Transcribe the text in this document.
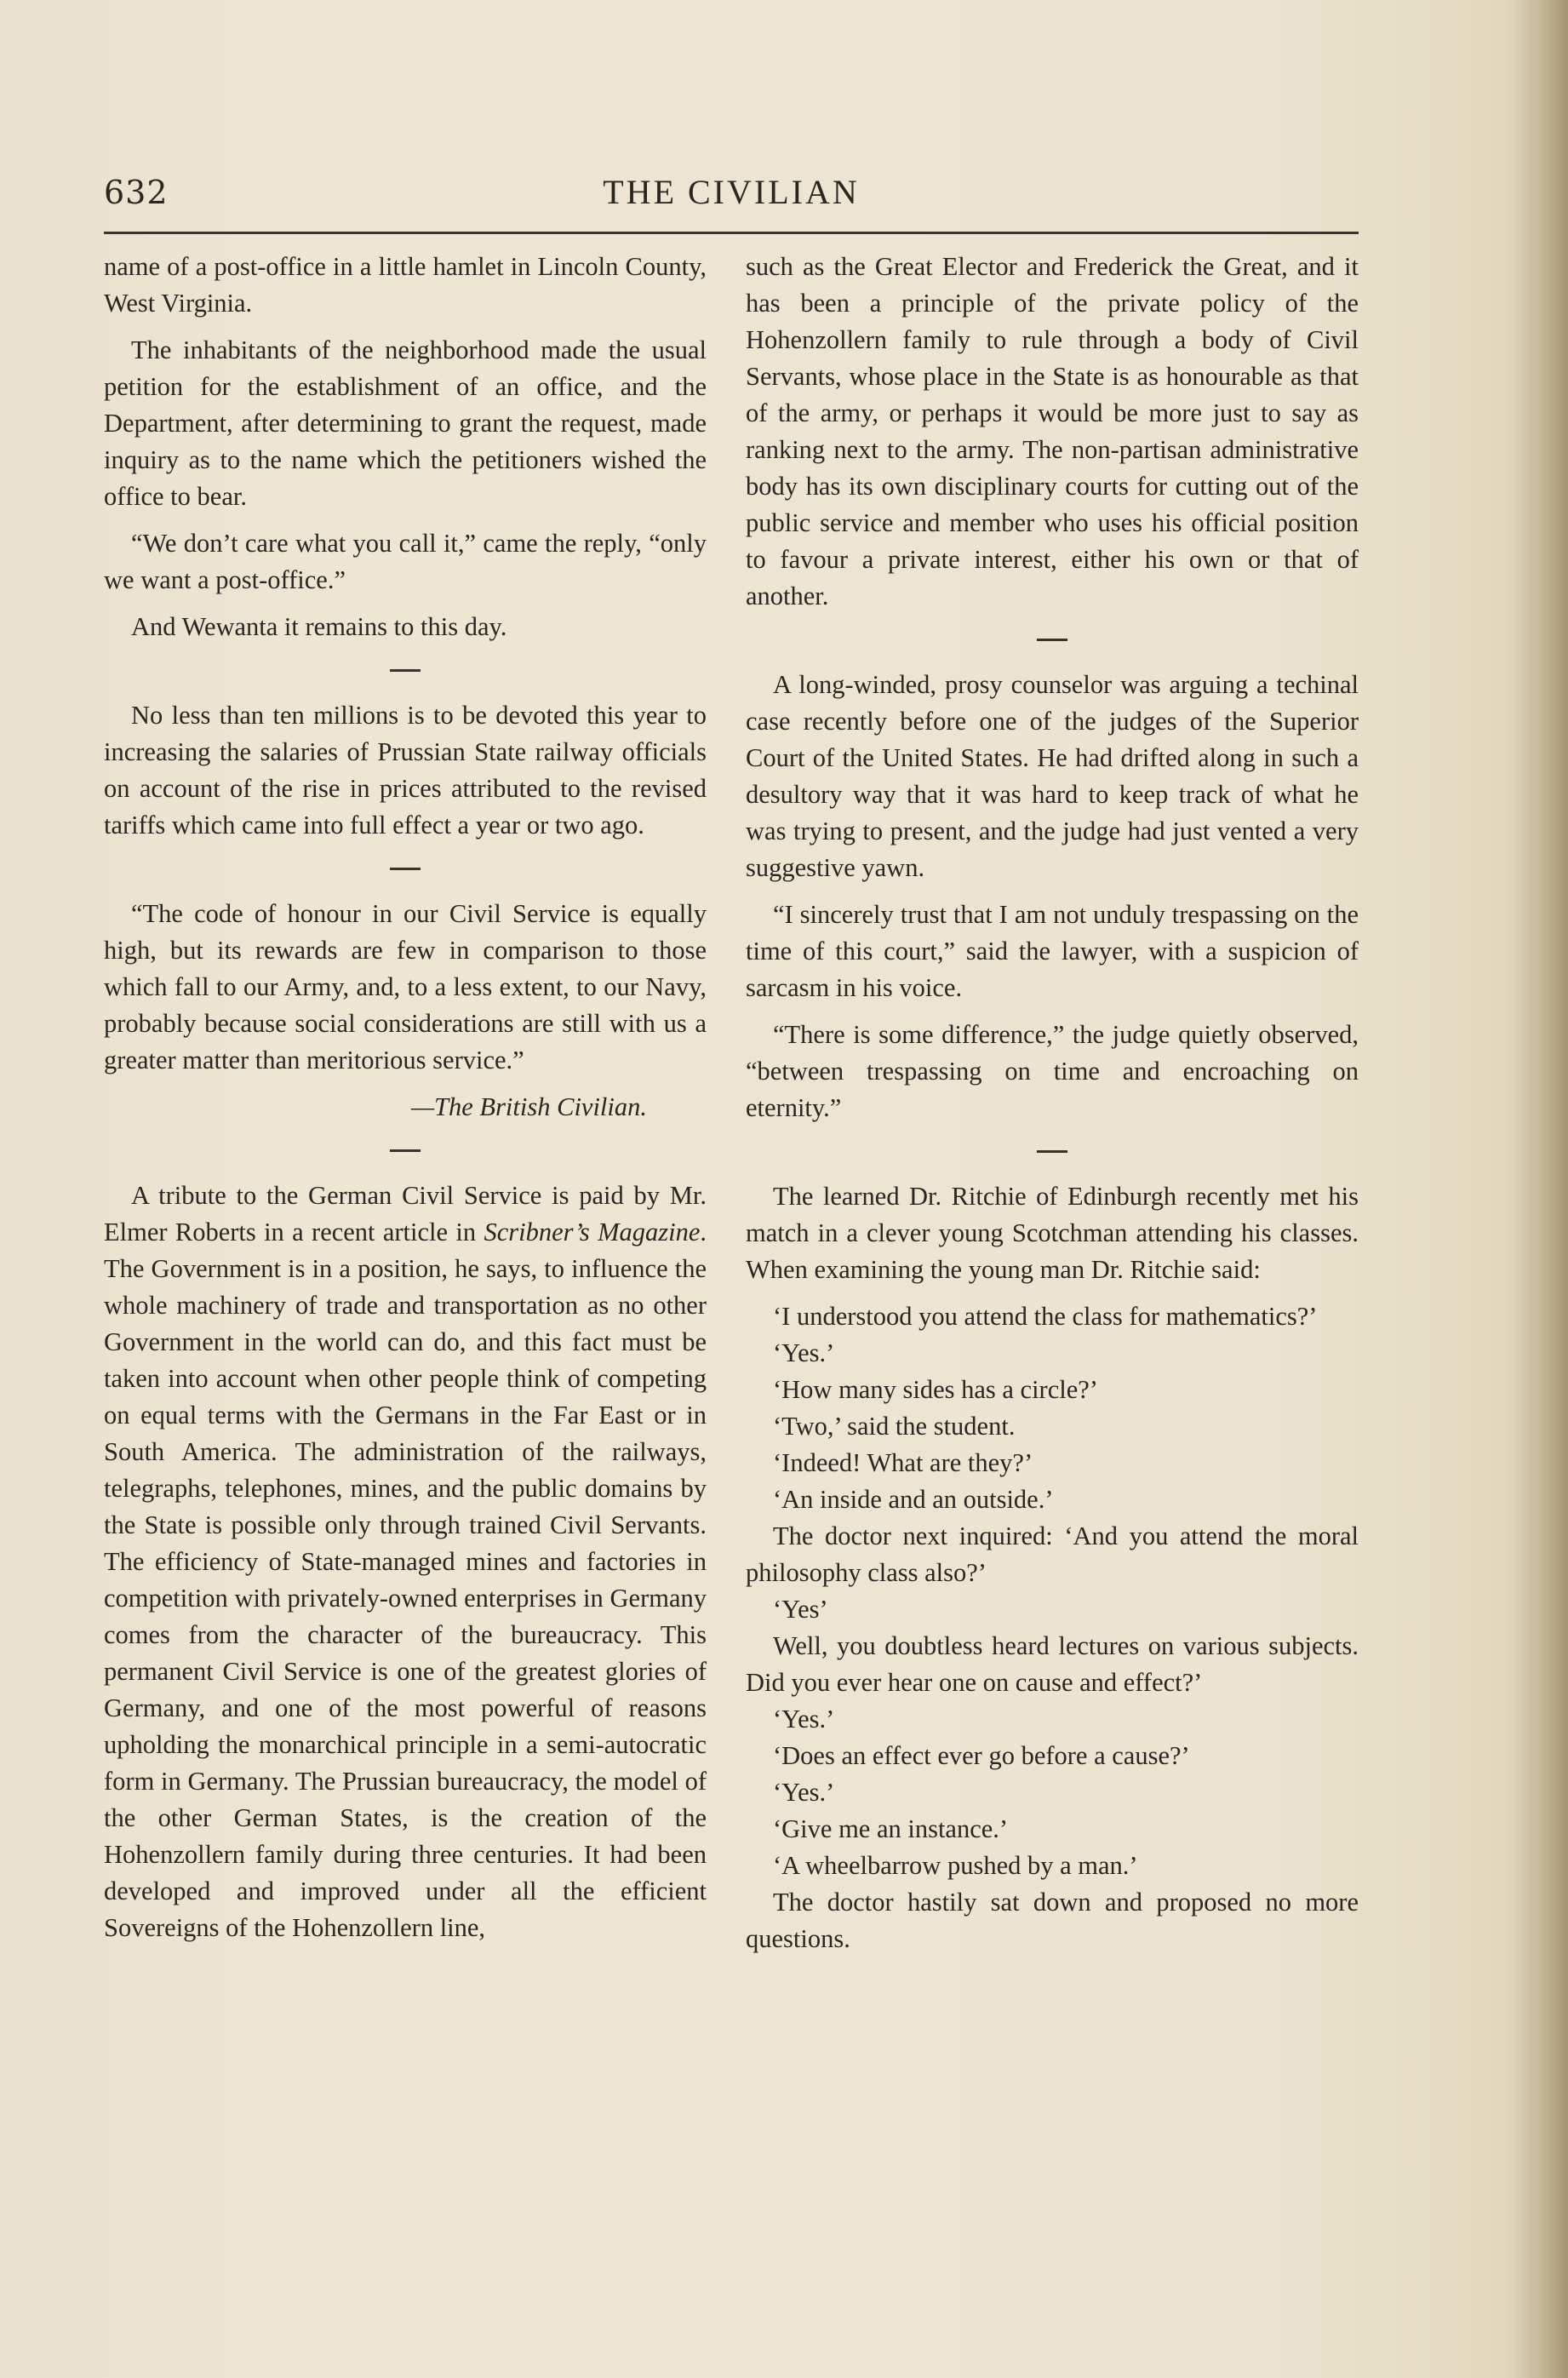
632	THE CIVILIAN

name of a post-office in a little hamlet in Lincoln County, West Virginia.

The inhabitants of the neighborhood made the usual petition for the establishment of an office, and the Department, after determining to grant the request, made inquiry as to the name which the petitioners wished the office to bear.

“We don’t care what you call it,” came the reply, “only we want a post-office.”

And Wewanta it remains to this day.

No less than ten millions is to be devoted this year to increasing the salaries of Prussian State railway officials on account of the rise in prices attributed to the revised tariffs which came into full effect a year or two ago.

“The code of honour in our Civil Service is equally high, but its rewards are few in comparison to those which fall to our Army, and, to a less extent, to our Navy, probably because social considerations are still with us a greater matter than meritorious service.”

—The British Civilian.

A tribute to the German Civil Service is paid by Mr. Elmer Roberts in a recent article in Scribner’s Magazine. The Government is in a position, he says, to influence the whole machinery of trade and transportation as no other Government in the world can do, and this fact must be taken into account when other people think of competing on equal terms with the Germans in the Far East or in South America. The administration of the railways, telegraphs, telephones, mines, and the public domains by the State is possible only through trained Civil Servants. The efficiency of State-managed mines and factories in competition with privately-owned enterprises in Germany comes from the character of the bureaucracy. This permanent Civil Service is one of the greatest glories of Germany, and one of the most powerful of reasons upholding the monarchical principle in a semi-autocratic form in Germany. The Prussian bureaucracy, the model of the other German States, is the creation of the Hohenzollern family during three centuries. It had been developed and improved under all the efficient Sovereigns of the Hohenzollern line,

such as the Great Elector and Frederick the Great, and it has been a principle of the private policy of the Hohenzollern family to rule through a body of Civil Servants, whose place in the State is as honourable as that of the army, or perhaps it would be more just to say as ranking next to the army. The non-partisan administrative body has its own disciplinary courts for cutting out of the public service and member who uses his official position to favour a private interest, either his own or that of another.

A long-winded, prosy counselor was arguing a techinal case recently before one of the judges of the Superior Court of the United States. He had drifted along in such a desultory way that it was hard to keep track of what he was trying to present, and the judge had just vented a very suggestive yawn.

“I sincerely trust that I am not unduly trespassing on the time of this court,” said the lawyer, with a suspicion of sarcasm in his voice.

“There is some difference,” the judge quietly observed, “between trespassing on time and encroaching on eternity.”

The learned Dr. Ritchie of Edinburgh recently met his match in a clever young Scotchman attending his classes. When examining the young man Dr. Ritchie said:

‘I understood you attend the class for mathematics?’

‘Yes.’

‘How many sides has a circle?’

‘Two,’ said the student.

‘Indeed! What are they?’

‘An inside and an outside.’

The doctor next inquired: ‘And you attend the moral philosophy class also?’

‘Yes’

Well, you doubtless heard lectures on various subjects. Did you ever hear one on cause and effect?’

‘Yes.’

‘Does an effect ever go before a cause?’

‘Yes.’

‘Give me an instance.’

‘A wheelbarrow pushed by a man.’

The doctor hastily sat down and proposed no more questions.
